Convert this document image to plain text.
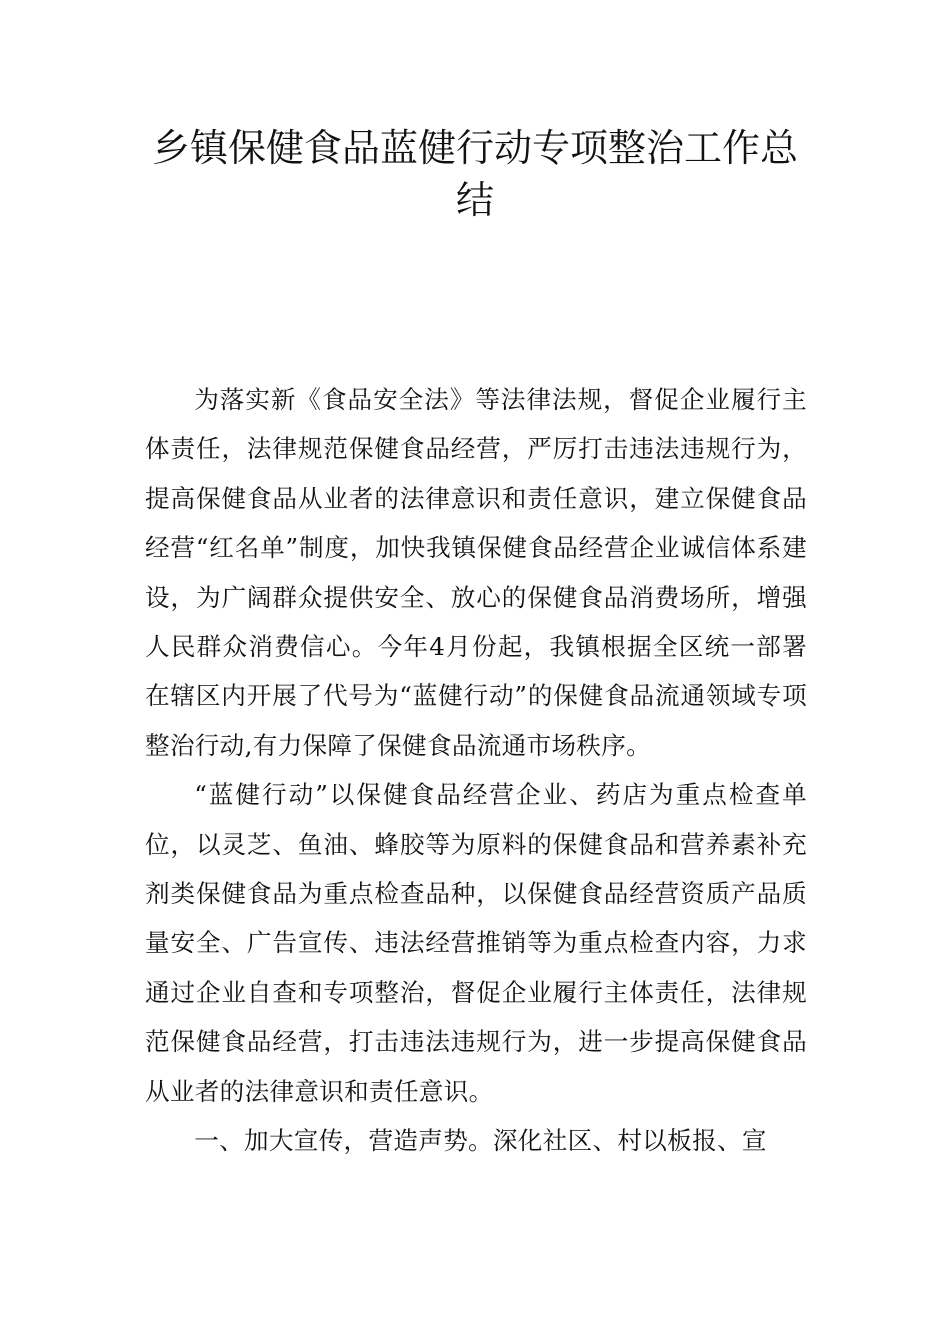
乡镇保健食品蓝健行动专项整治工作总结

为落实新《食品安全法》等法律法规，督促企业履行主体责任，法律规范保健食品经营，严厉打击违法违规行为，提高保健食品从业者的法律意识和责任意识，建立保健食品经营“红名单”制度，加快我镇保健食品经营企业诚信体系建设，为广阔群众提供安全、放心的保健食品消费场所，增强人民群众消费信心。今年4月份起，我镇根据全区统一部署在辖区内开展了代号为“蓝健行动”的保健食品流通领域专项整治行动,有力保障了保健食品流通市场秩序。

“蓝健行动”以保健食品经营企业、药店为重点检查单位，以灵芝、鱼油、蜂胶等为原料的保健食品和营养素补充剂类保健食品为重点检查品种，以保健食品经营资质产品质量安全、广告宣传、违法经营推销等为重点检查内容，力求通过企业自查和专项整治，督促企业履行主体责任，法律规范保健食品经营，打击违法违规行为，进一步提高保健食品从业者的法律意识和责任意识。

一、加大宣传，营造声势。深化社区、村以板报、宣
